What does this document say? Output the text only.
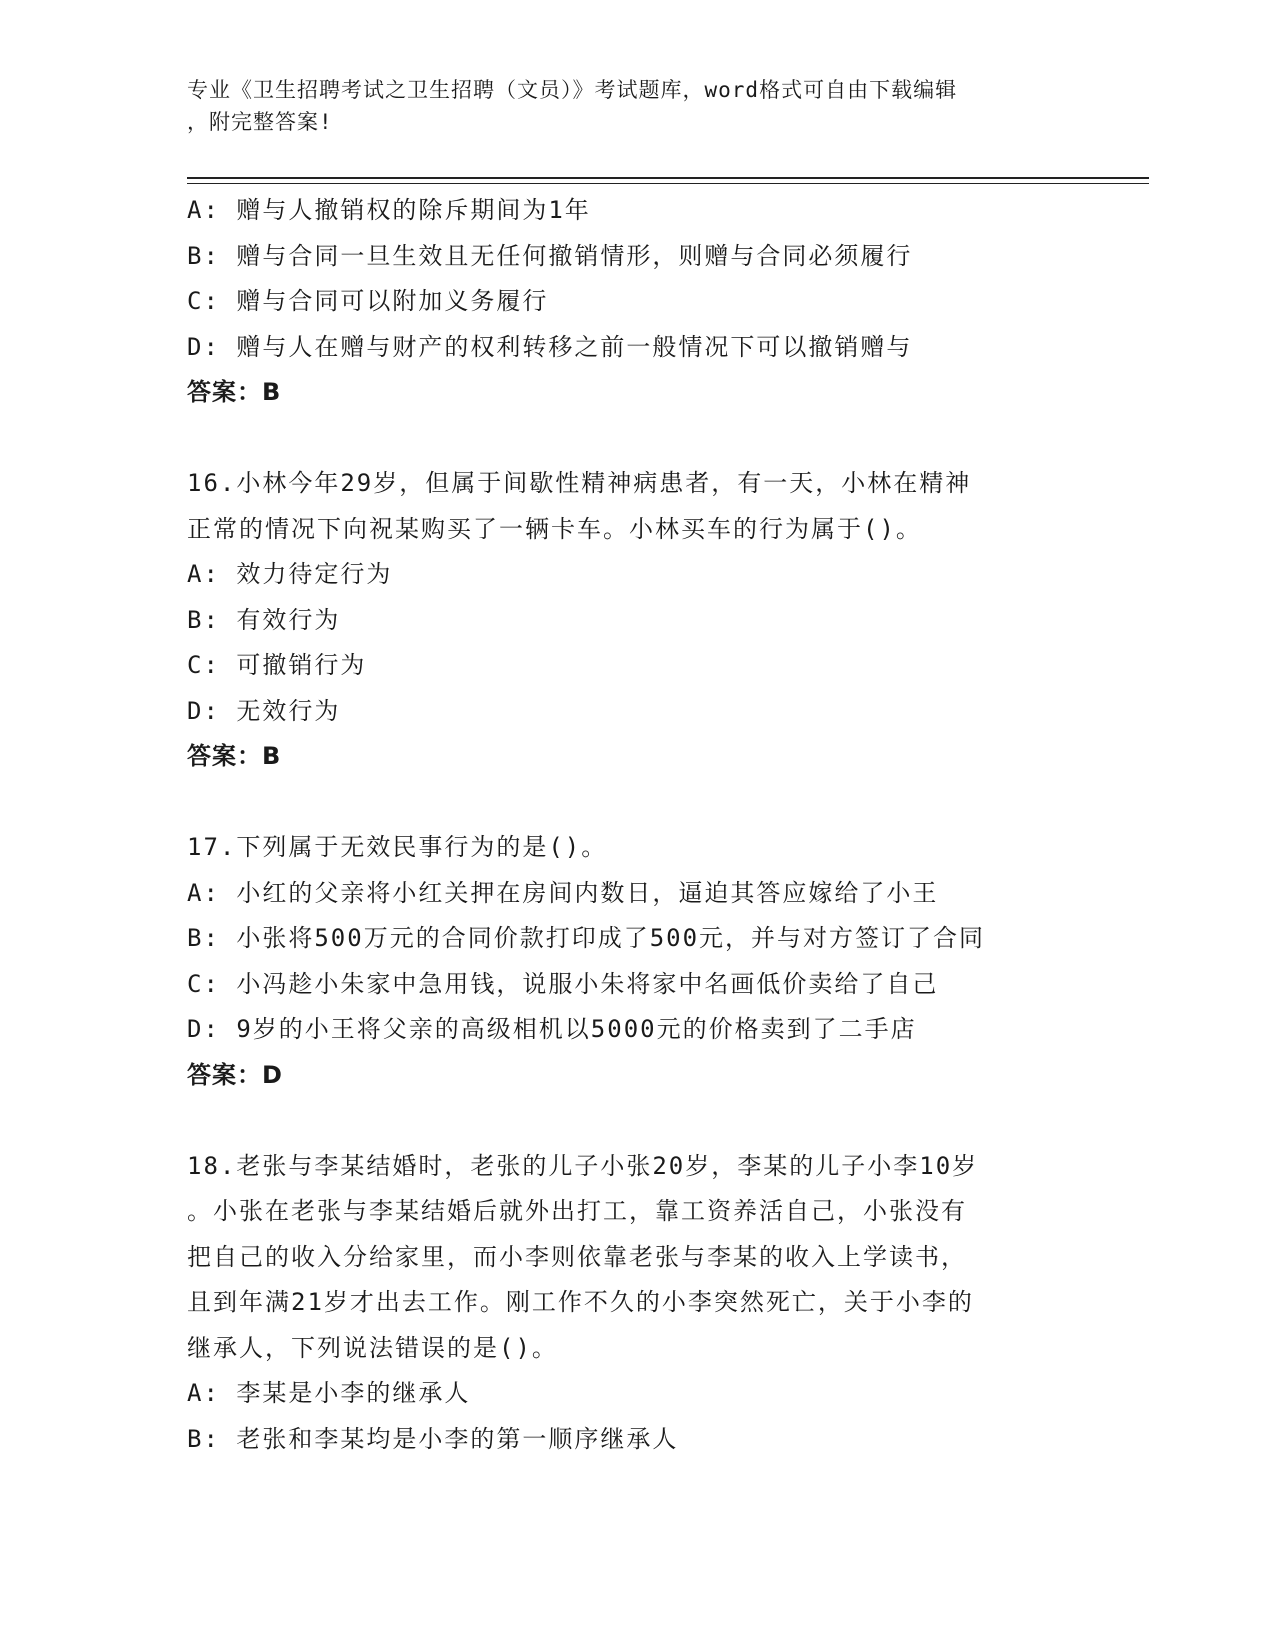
专业《卫生招聘考试之卫生招聘（文员）》考试题库，word格式可自由下载编辑
，附完整答案!
A: 赠与人撤销权的除斥期间为1年
B: 赠与合同一旦生效且无任何撤销情形，则赠与合同必须履行
C: 赠与合同可以附加义务履行
D: 赠与人在赠与财产的权利转移之前一般情况下可以撤销赠与
答案：B
16.小林今年29岁，但属于间歇性精神病患者，有一天，小林在精神
正常的情况下向祝某购买了一辆卡车。小林买车的行为属于()。
A: 效力待定行为
B: 有效行为
C: 可撤销行为
D: 无效行为
答案：B
17.下列属于无效民事行为的是()。
A: 小红的父亲将小红关押在房间内数日，逼迫其答应嫁给了小王
B: 小张将500万元的合同价款打印成了500元，并与对方签订了合同
C: 小冯趁小朱家中急用钱，说服小朱将家中名画低价卖给了自己
D: 9岁的小王将父亲的高级相机以5000元的价格卖到了二手店
答案：D
18.老张与李某结婚时，老张的儿子小张20岁，李某的儿子小李10岁
。小张在老张与李某结婚后就外出打工，靠工资养活自己，小张没有
把自己的收入分给家里，而小李则依靠老张与李某的收入上学读书，
且到年满21岁才出去工作。刚工作不久的小李突然死亡，关于小李的
继承人，下列说法错误的是()。
A: 李某是小李的继承人
B: 老张和李某均是小李的第一顺序继承人
